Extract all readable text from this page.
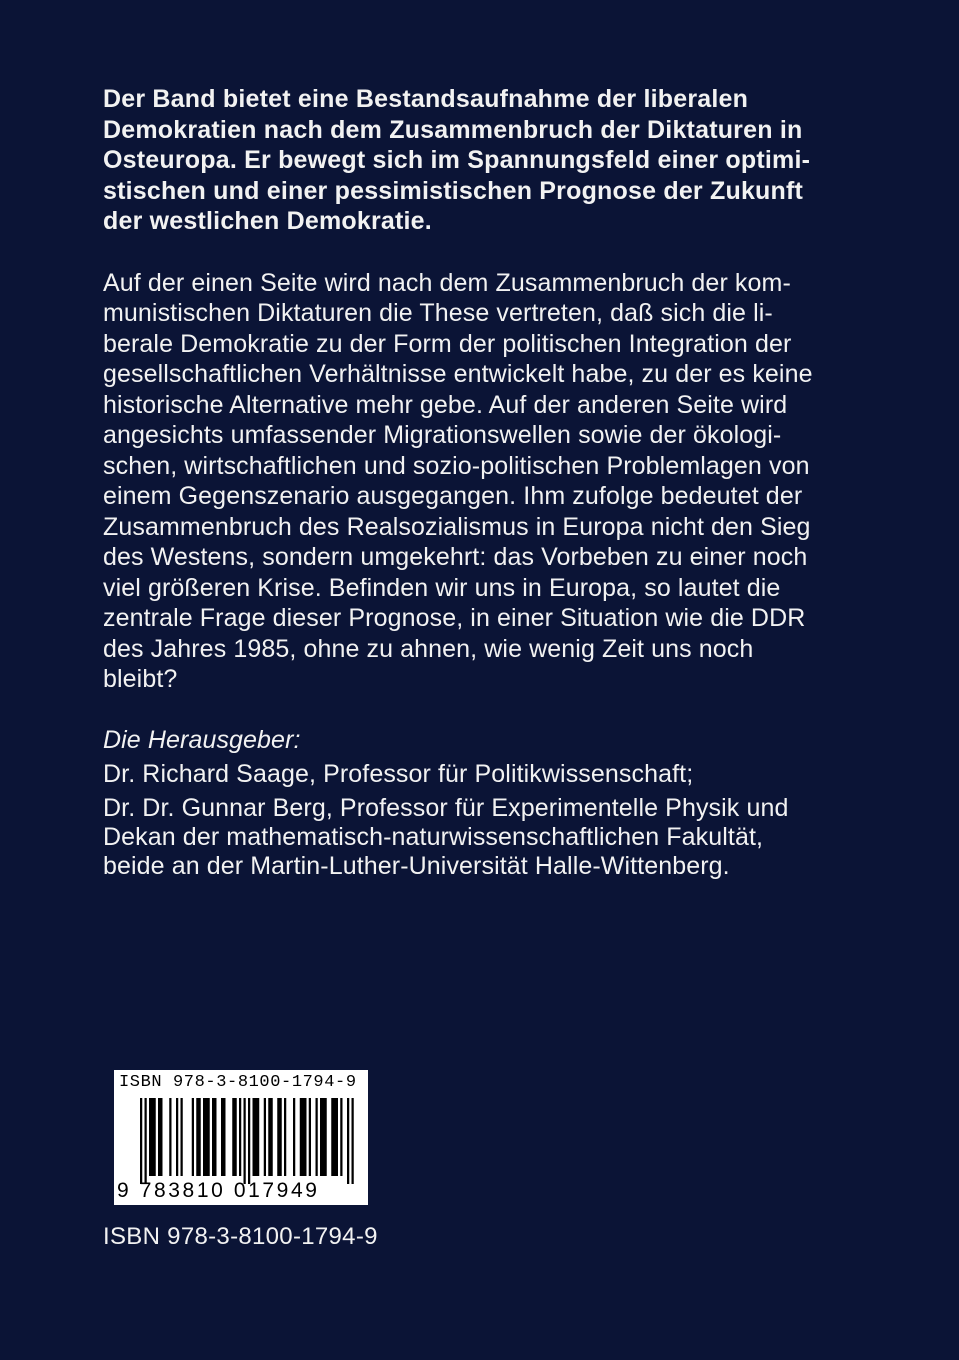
Der Band bietet eine Bestandsaufnahme der liberalen
Demokratien nach dem Zusammenbruch der Diktaturen in
Osteuropa. Er bewegt sich im Spannungsfeld einer optimi-
stischen und einer pessimistischen Prognose der Zukunft
der westlichen Demokratie.
Auf der einen Seite wird nach dem Zusammenbruch der kom-
munistischen Diktaturen die These vertreten, daß sich die li-
berale Demokratie zu der Form der politischen Integration der
gesellschaftlichen Verhältnisse entwickelt habe, zu der es keine
historische Alternative mehr gebe. Auf der anderen Seite wird
angesichts umfassender Migrationswellen sowie der ökologi-
schen, wirtschaftlichen und sozio-politischen Problemlagen von
einem Gegenszenario ausgegangen. Ihm zufolge bedeutet der
Zusammenbruch des Realsozialismus in Europa nicht den Sieg
des Westens, sondern umgekehrt: das Vorbeben zu einer noch
viel größeren Krise. Befinden wir uns in Europa, so lautet die
zentrale Frage dieser Prognose, in einer Situation wie die DDR
des Jahres 1985, ohne zu ahnen, wie wenig Zeit uns noch
bleibt?
Die Herausgeber:
Dr. Richard Saage, Professor für Politikwissenschaft;
Dr. Dr. Gunnar Berg, Professor für Experimentelle Physik und
Dekan der mathematisch-naturwissenschaftlichen Fakultät,
beide an der Martin-Luther-Universität Halle-Wittenberg.
ISBN 978-3-8100-1794-9
9 783810 017949
ISBN 978-3-8100-1794-9
